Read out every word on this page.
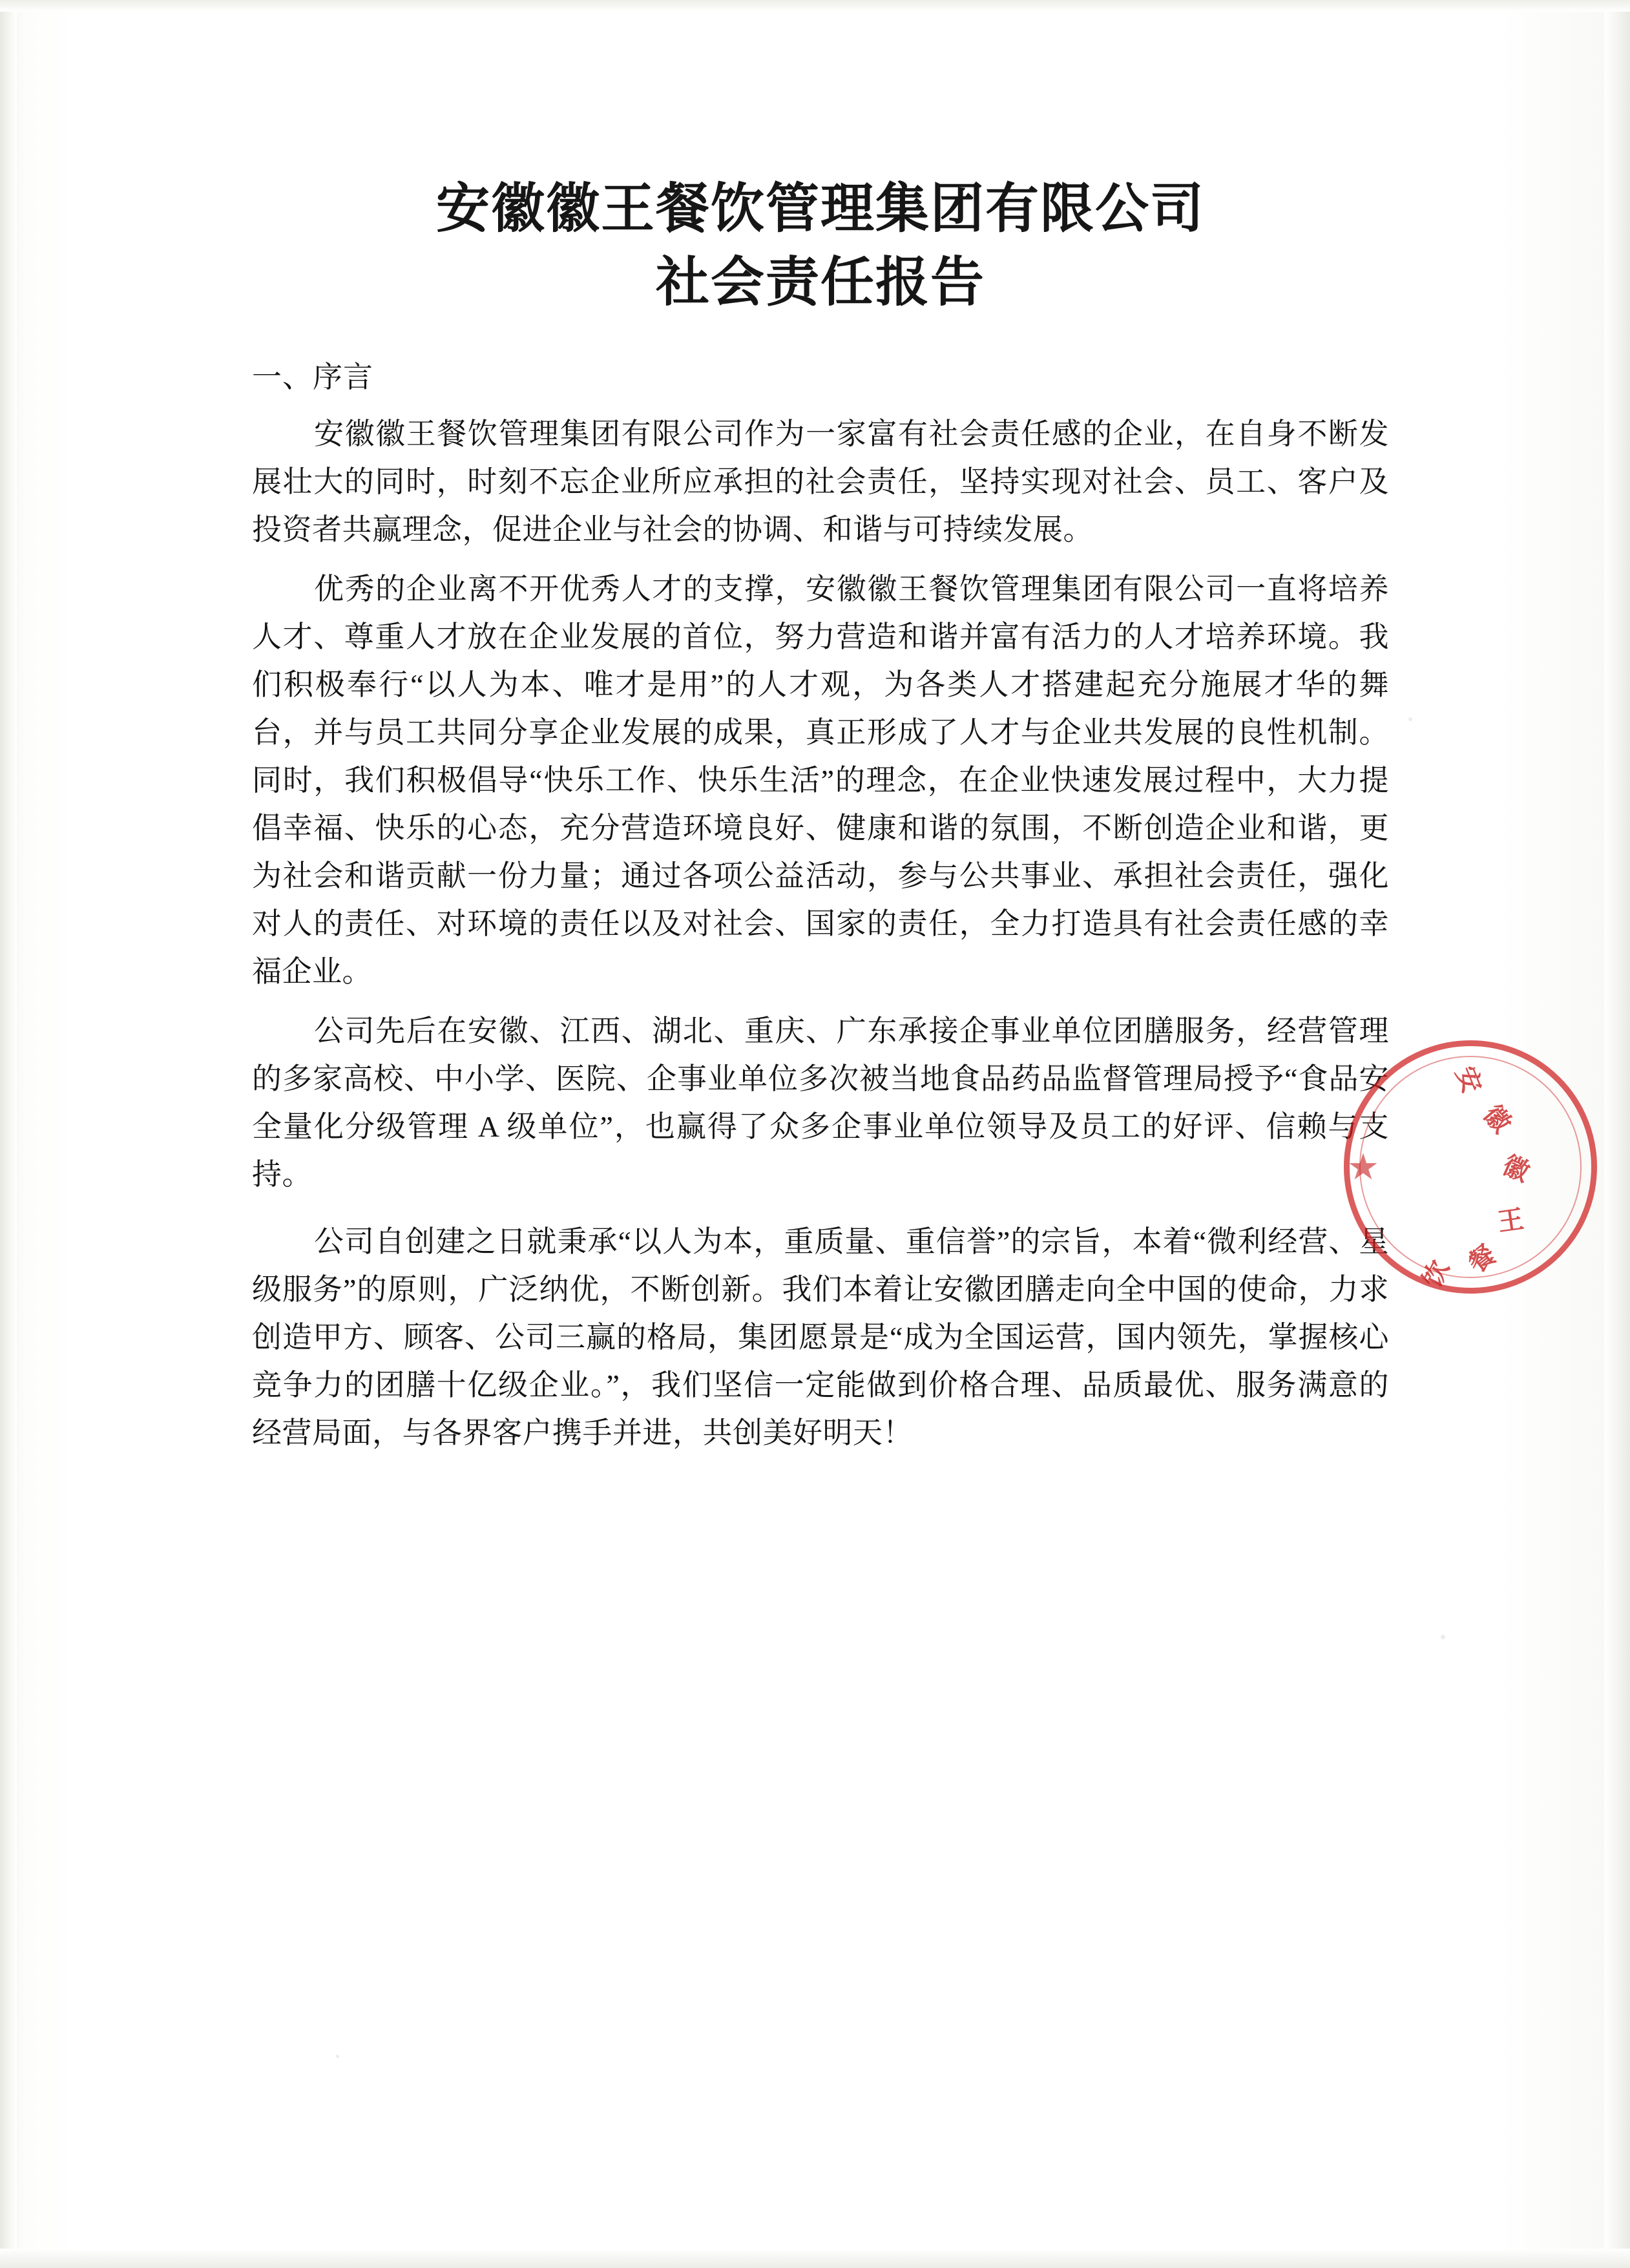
安徽徽王餐饮管理集团有限公司
社会责任报告
一、序言

安徽徽王餐饮管理集团有限公司作为一家富有社会责任感的企业，在自身不断发展壮大的同时，时刻不忘企业所应承担的社会责任，坚持实现对社会、员工、客户及投资者共赢理念，促进企业与社会的协调、和谐与可持续发展。

优秀的企业离不开优秀人才的支撑，安徽徽王餐饮管理集团有限公司一直将培养人才、尊重人才放在企业发展的首位，努力营造和谐并富有活力的人才培养环境。我们积极奉行“以人为本、唯才是用”的人才观，为各类人才搭建起充分施展才华的舞台，并与员工共同分享企业发展的成果，真正形成了人才与企业共发展的良性机制。同时，我们积极倡导“快乐工作、快乐生活”的理念，在企业快速发展过程中，大力提倡幸福、快乐的心态，充分营造环境良好、健康和谐的氛围，不断创造企业和谐，更为社会和谐贡献一份力量；通过各项公益活动，参与公共事业、承担社会责任，强化对人的责任、对环境的责任以及对社会、国家的责任，全力打造具有社会责任感的幸福企业。

公司先后在安徽、江西、湖北、重庆、广东承接企事业单位团膳服务，经营管理的多家高校、中小学、医院、企事业单位多次被当地食品药品监督管理局授予“食品安全量化分级管理 A 级单位”，也赢得了众多企事业单位领导及员工的好评、信赖与支持。

公司自创建之日就秉承“以人为本，重质量、重信誉”的宗旨，本着“微利经营、星级服务”的原则，广泛纳优，不断创新。我们本着让安徽团膳走向全中国的使命，力求创造甲方、顾客、公司三赢的格局，集团愿景是“成为全国运营，国内领先，掌握核心竞争力的团膳十亿级企业。”，我们坚信一定能做到价格合理、品质最优、服务满意的经营局面，与各界客户携手并进，共创美好明天！

安
徽
徽
王
餐
饮
★
